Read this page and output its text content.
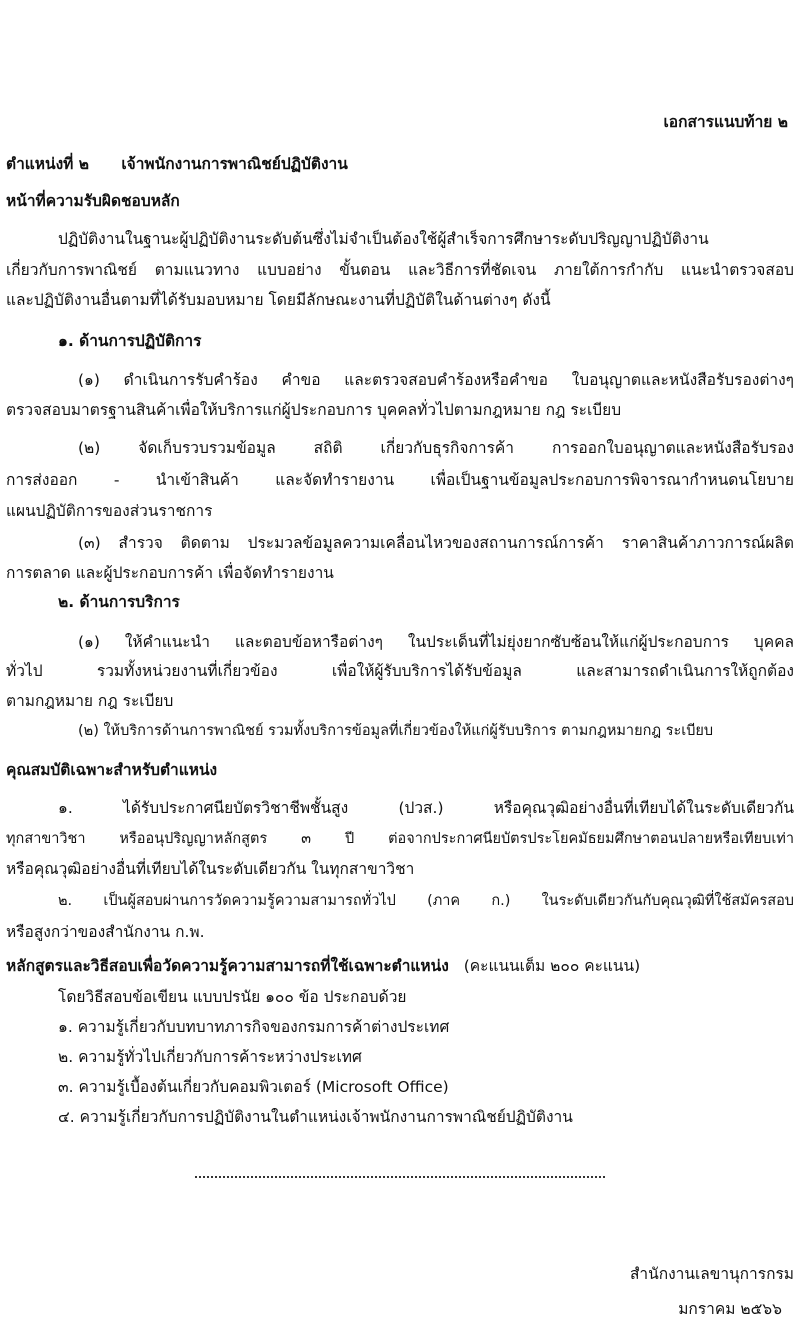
เอกสารแนบท้าย ๒
ตำแหน่งที่ ๒      เจ้าพนักงานการพาณิชย์ปฏิบัติงาน
หน้าที่ความรับผิดชอบหลัก
ปฏิบัติงานในฐานะผู้ปฏิบัติงานระดับต้นซึ่งไม่จำเป็นต้องใช้ผู้สำเร็จการศึกษาระดับปริญญาปฏิบัติงาน
เกี่ยวกับการพาณิชย์ ตามแนวทาง แบบอย่าง ขั้นตอน และวิธีการที่ชัดเจน ภายใต้การกำกับ แนะนำตรวจสอบ
และปฏิบัติงานอื่นตามที่ได้รับมอบหมาย โดยมีลักษณะงานที่ปฏิบัติในด้านต่างๆ ดังนี้
๑. ด้านการปฏิบัติการ
(๑) ดำเนินการรับคำร้อง คำขอ และตรวจสอบคำร้องหรือคำขอ ใบอนุญาตและหนังสือรับรองต่างๆ
ตรวจสอบมาตรฐานสินค้าเพื่อให้บริการแก่ผู้ประกอบการ บุคคลทั่วไปตามกฎหมาย กฎ ระเบียบ
(๒) จัดเก็บรวบรวมข้อมูล สถิติ เกี่ยวกับธุรกิจการค้า การออกใบอนุญาตและหนังสือรับรอง
การส่งออก - นำเข้าสินค้า และจัดทำรายงาน เพื่อเป็นฐานข้อมูลประกอบการพิจารณากำหนดนโยบาย
แผนปฏิบัติการของส่วนราชการ
(๓) สำรวจ ติดตาม ประมวลข้อมูลความเคลื่อนไหวของสถานการณ์การค้า ราคาสินค้าภาวการณ์ผลิต
การตลาด และผู้ประกอบการค้า เพื่อจัดทำรายงาน
๒. ด้านการบริการ
(๑) ให้คำแนะนำ และตอบข้อหารือต่างๆ ในประเด็นที่ไม่ยุ่งยากซับซ้อนให้แก่ผู้ประกอบการ บุคคล
ทั่วไป รวมทั้งหน่วยงานที่เกี่ยวข้อง เพื่อให้ผู้รับบริการได้รับข้อมูล และสามารถดำเนินการให้ถูกต้อง
ตามกฎหมาย กฎ ระเบียบ
(๒) ให้บริการด้านการพาณิชย์ รวมทั้งบริการข้อมูลที่เกี่ยวข้องให้แก่ผู้รับบริการ ตามกฎหมายกฎ ระเบียบ
คุณสมบัติเฉพาะสำหรับตำแหน่ง
๑. ได้รับประกาศนียบัตรวิชาชีพชั้นสูง (ปวส.) หรือคุณวุฒิอย่างอื่นที่เทียบได้ในระดับเดียวกัน
ทุกสาขาวิชา หรืออนุปริญญาหลักสูตร ๓ ปี ต่อจากประกาศนียบัตรประโยคมัธยมศึกษาตอนปลายหรือเทียบเท่า
หรือคุณวุฒิอย่างอื่นที่เทียบได้ในระดับเดียวกัน ในทุกสาขาวิชา
๒. เป็นผู้สอบผ่านการวัดความรู้ความสามารถทั่วไป (ภาค ก.) ในระดับเดียวกันกับคุณวุฒิที่ใช้สมัครสอบ
หรือสูงกว่าของสำนักงาน ก.พ.
หลักสูตรและวิธีสอบเพื่อวัดความรู้ความสามารถที่ใช้เฉพาะตำแหน่ง (คะแนนเต็ม ๒๐๐ คะแนน)
โดยวิธีสอบข้อเขียน แบบปรนัย ๑๐๐ ข้อ ประกอบด้วย
๑. ความรู้เกี่ยวกับบทบาทภารกิจของกรมการค้าต่างประเทศ
๒. ความรู้ทั่วไปเกี่ยวกับการค้าระหว่างประเทศ
๓. ความรู้เบื้องต้นเกี่ยวกับคอมพิวเตอร์ (Microsoft Office)
๔. ความรู้เกี่ยวกับการปฏิบัติงานในตำแหน่งเจ้าพนักงานการพาณิชย์ปฏิบัติงาน
สำนักงานเลขานุการกรม
มกราคม ๒๕๖๖
